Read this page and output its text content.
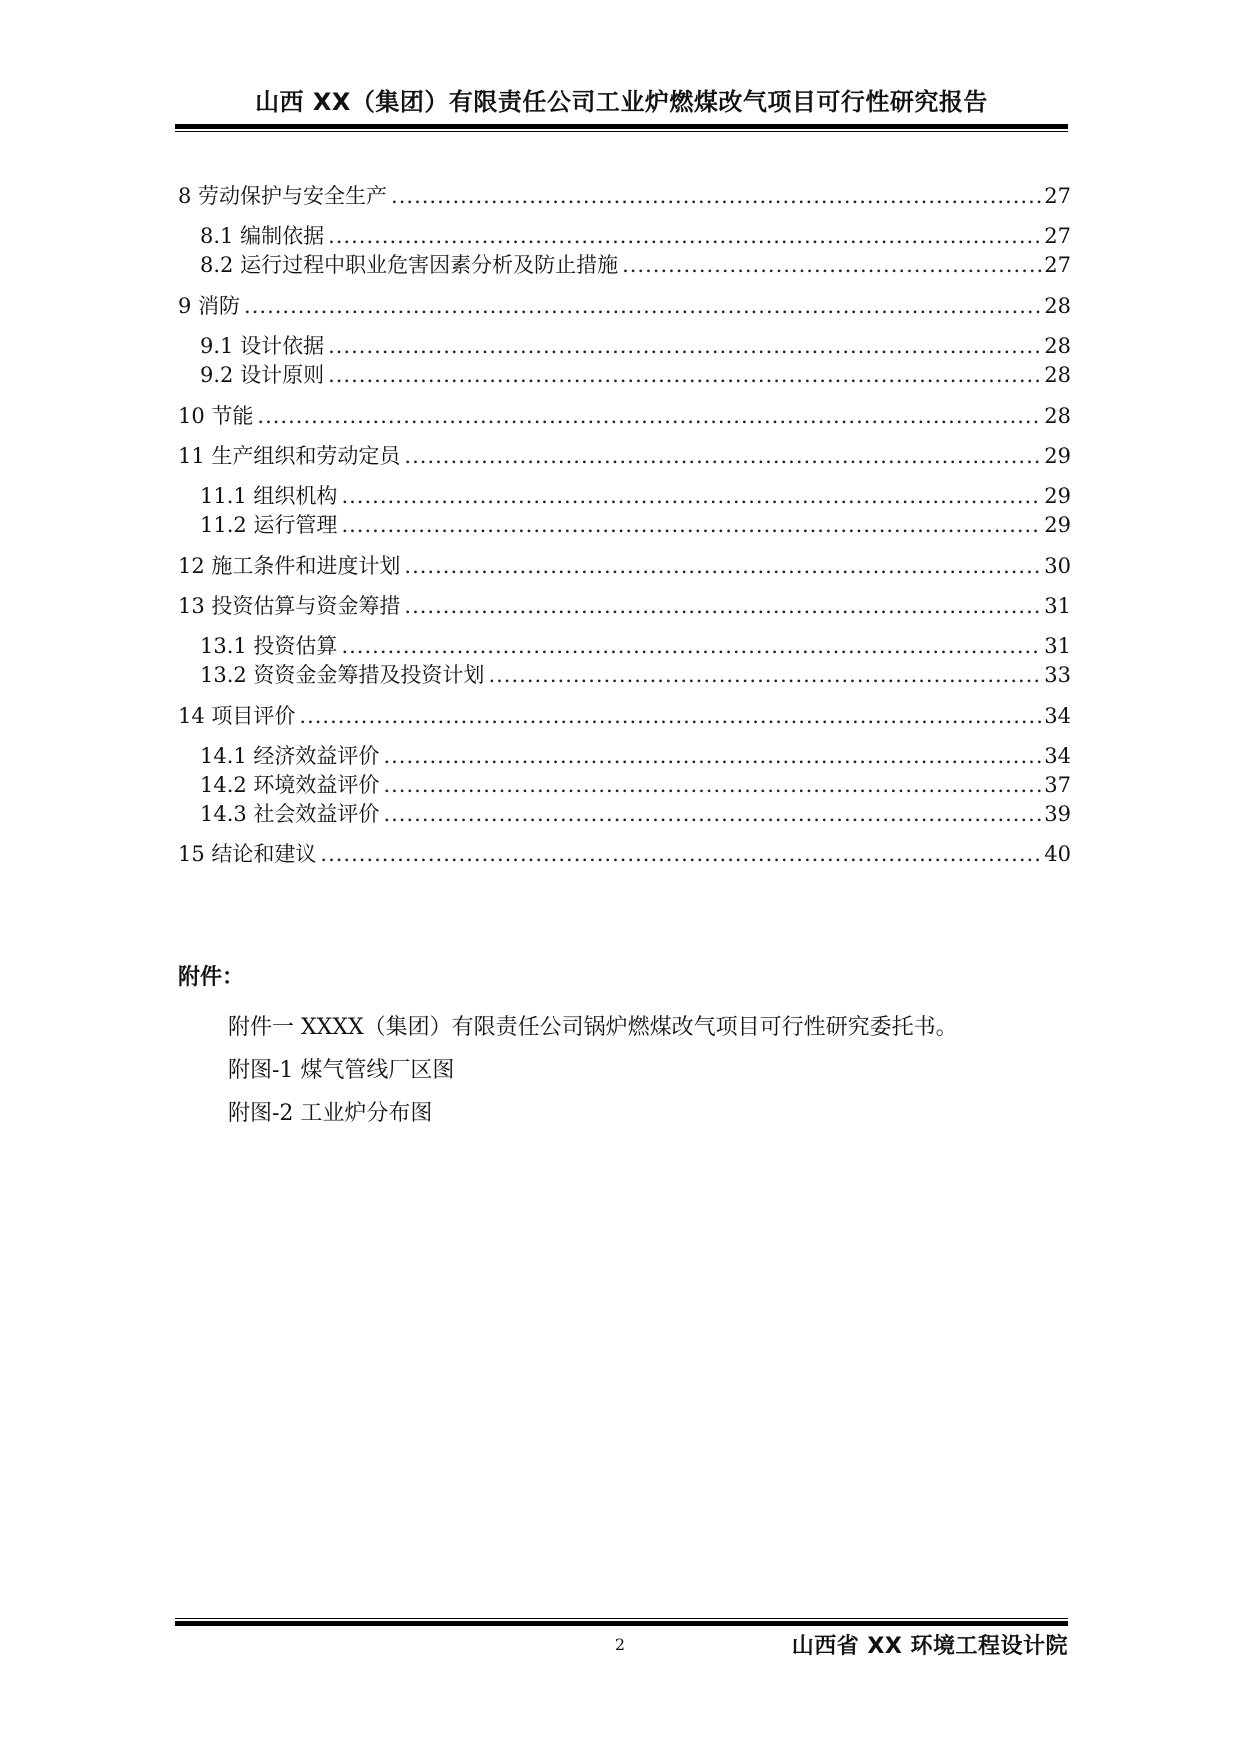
山西 XX（集团）有限责任公司工业炉燃煤改气项目可行性研究报告
8 劳动保护与安全生产 .....	27
8.1 编制依据 .....	27
8.2 运行过程中职业危害因素分析及防止措施 .....	27
9 消防 .....	28
9.1 设计依据 .....	28
9.2 设计原则 .....	28
10 节能 .....	28
11 生产组织和劳动定员 .....	29
11.1 组织机构 .....	29
11.2 运行管理 .....	29
12 施工条件和进度计划 .....	30
13 投资估算与资金筹措 .....	31
13.1 投资估算 .....	31
13.2 资资金金筹措及投资计划 .....	33
14 项目评价 .....	34
14.1 经济效益评价 .....	34
14.2 环境效益评价 .....	37
14.3 社会效益评价 .....	39
15 结论和建议 .....	40
附件：
附件一 XXXX（集团）有限责任公司锅炉燃煤改气项目可行性研究委托书。
附图-1 煤气管线厂区图
附图-2 工业炉分布图
2	山西省 XX 环境工程设计院
